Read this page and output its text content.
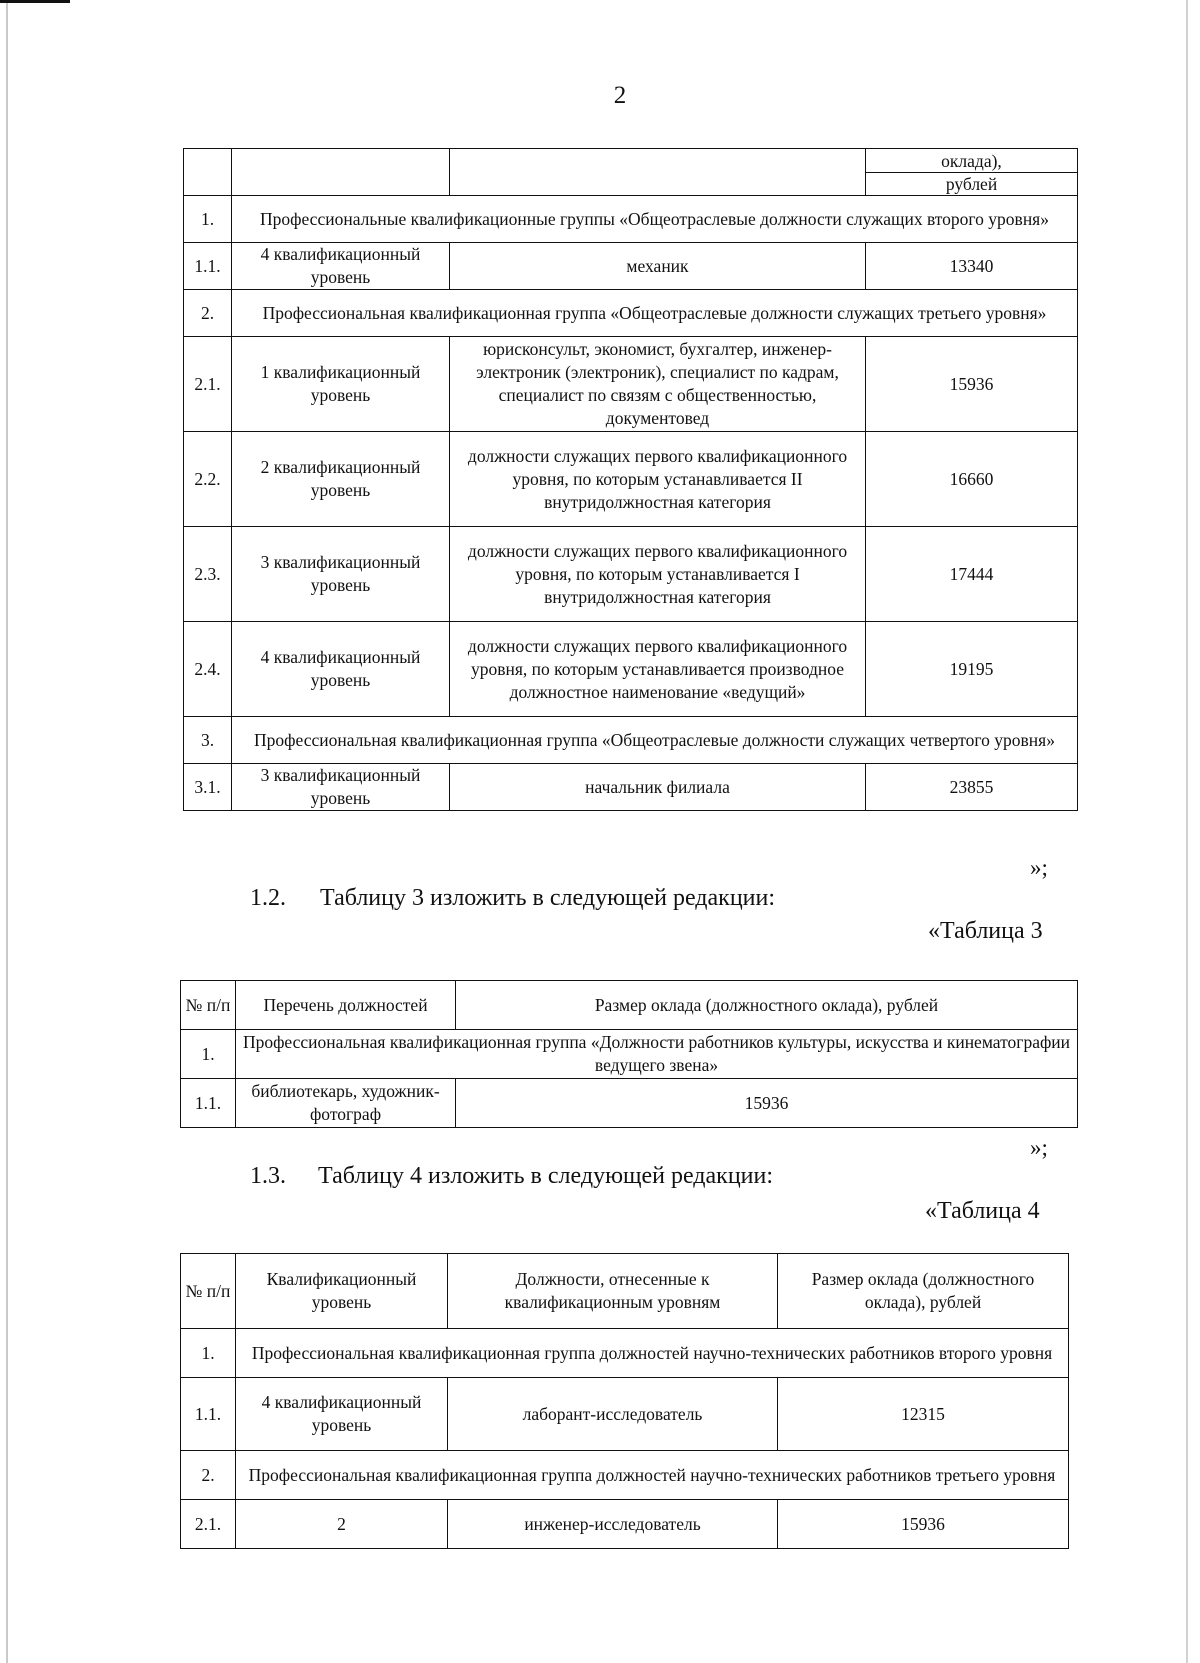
2

			оклада),
рублей

1.	Профессиональные квалификационные группы «Общеотраслевые должности служащих второго уровня»		
1.1.	4 квалификационный уровень	механик	13340
2.	Профессиональная квалификационная группа «Общеотраслевые должности служащих третьего уровня»		
2.1.	1 квалификационный уровень	юрисконсульт, экономист, бухгалтер, инженер-электроник (электроник), специалист по кадрам, специалист по связям с общественностью, документовед	15936
2.2.	2 квалификационный уровень	должности служащих первого квалификационного уровня, по которым устанавливается II внутридолжностная категория	16660
2.3.	3 квалификационный уровень	должности служащих первого квалификационного уровня, по которым устанавливается I внутридолжностная категория	17444
2.4.	4 квалификационный уровень	должности служащих первого квалификационного уровня, по которым устанавливается производное должностное наименование «ведущий»	19195
3.	Профессиональная квалификационная группа «Общеотраслевые должности служащих четвертого уровня»		
3.1.	3 квалификационный уровень	начальник филиала	23855
»;
1.2. Таблицу 3 изложить в следующей редакции:
«Таблица 3
№ п/п	Перечень должностей	Размер оклада (должностного оклада), рублей
1.	Профессиональная квалификационная группа «Должности работников культуры, искусства и кинематографии ведущего звена»	
1.1.	библиотекарь, художник-фотограф	15936
»;
1.3. Таблицу 4 изложить в следующей редакции:
«Таблица 4
№ п/п	Квалификационный уровень	Должности, отнесенные к квалификационным уровням	Размер оклада (должностного оклада), рублей
1.	Профессиональная квалификационная группа должностей научно-технических работников второго уровня		
1.1.	4 квалификационный уровень	лаборант-исследователь	12315
2.	Профессиональная квалификационная группа должностей научно-технических работников третьего уровня		
2.1.	2	инженер-исследователь	15936
